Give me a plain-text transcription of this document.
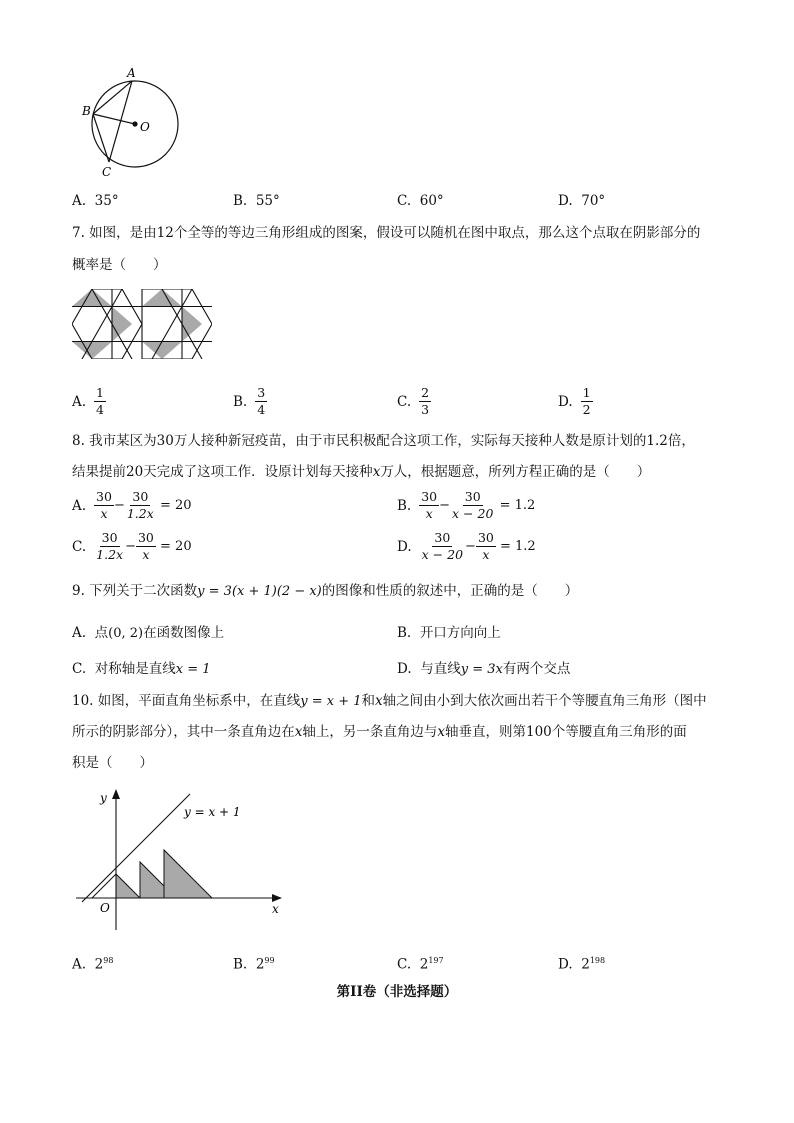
A
B
C
O
A. 35°	B. 55°	C. 60°	D. 70°
7. 如图，是由12个全等的等边三角形组成的图案，假设可以随机在图中取点，那么这个点取在阴影部分的
概率是（　　）
A. $\frac{1}{4}$	B. $\frac{3}{4}$	C. $\frac{2}{3}$	D. $\frac{1}{2}$
8. 我市某区为30万人接种新冠疫苗，由于市民积极配合这项工作，实际每天接种人数是原计划的1.2倍，
结果提前20天完成了这项工作．设原计划每天接种x万人，根据题意，所列方程正确的是（　　）
A. $\frac{30}{x} - \frac{30}{1.2x} = 20$	B. $\frac{30}{x} - \frac{30}{x - 20} = 1.2$
C. $\frac{30}{1.2x} - \frac{30}{x} = 20$	D. $\frac{30}{x - 20} - \frac{30}{x} = 1.2$
9. 下列关于二次函数y = 3(x + 1)(2 − x)的图像和性质的叙述中，正确的是（　　）
A. 点(0, 2)在函数图像上	B. 开口方向向上
C. 对称轴是直线x = 1	D. 与直线y = 3x有两个交点
10. 如图，平面直角坐标系中，在直线y = x + 1和x轴之间由小到大依次画出若干个等腰直角三角形（图中
所示的阴影部分），其中一条直角边在x轴上，另一条直角边与x轴垂直，则第100个等腰直角三角形的面
积是（　　）
y
x
O
y = x + 1
A. $2^{98}$	B. $2^{99}$	C. $2^{197}$	D. $2^{198}$
第II卷（非选择题）
